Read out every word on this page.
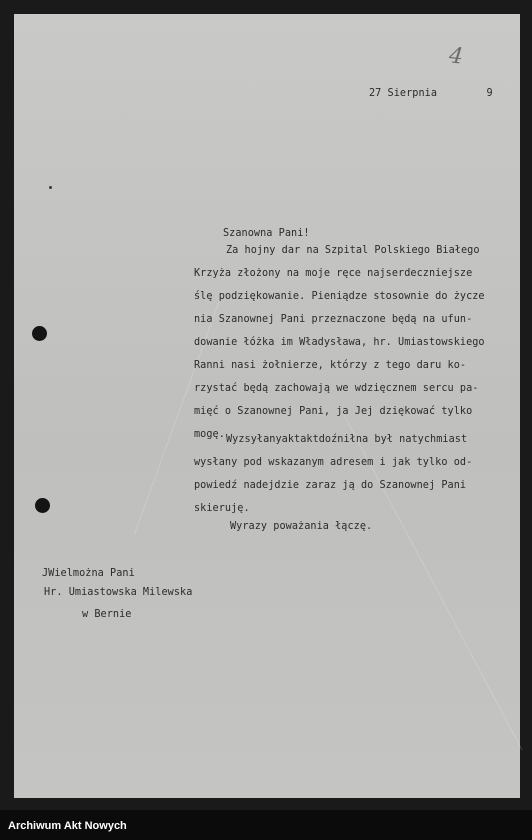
4

27 Sierpnia        9

Szanowna Pani!

Za hojny dar na Szpital Polskiego Białego

Krzyża złożony na moje ręce najserdeczniejsze

ślę podziękowanie. Pieniądze stosownie do życze

nia Szanownej Pani przeznaczone będą na ufun-

dowanie łóżka im Władysława, hr. Umiastowskiego

Ranni nasi żołnierze, którzy z tego daru ko-

rzystać będą zachowają we wdzięcznem sercu pa-

mięć o Szanownej Pani, ja Jej dziękować tylko

mogę. Wyzsyłanyaktaktdoźniłna był natychmiast

wysłany pod wskazanym adresem i jak tylko od-

powiedź nadejdzie zaraz ją do Szanownej Pani

skieruję.

Wyrazy poważania łączę.

JWielmożna Pani

Hr. Umiastowska Milewska

w Bernie

Archiwum Akt Nowych
